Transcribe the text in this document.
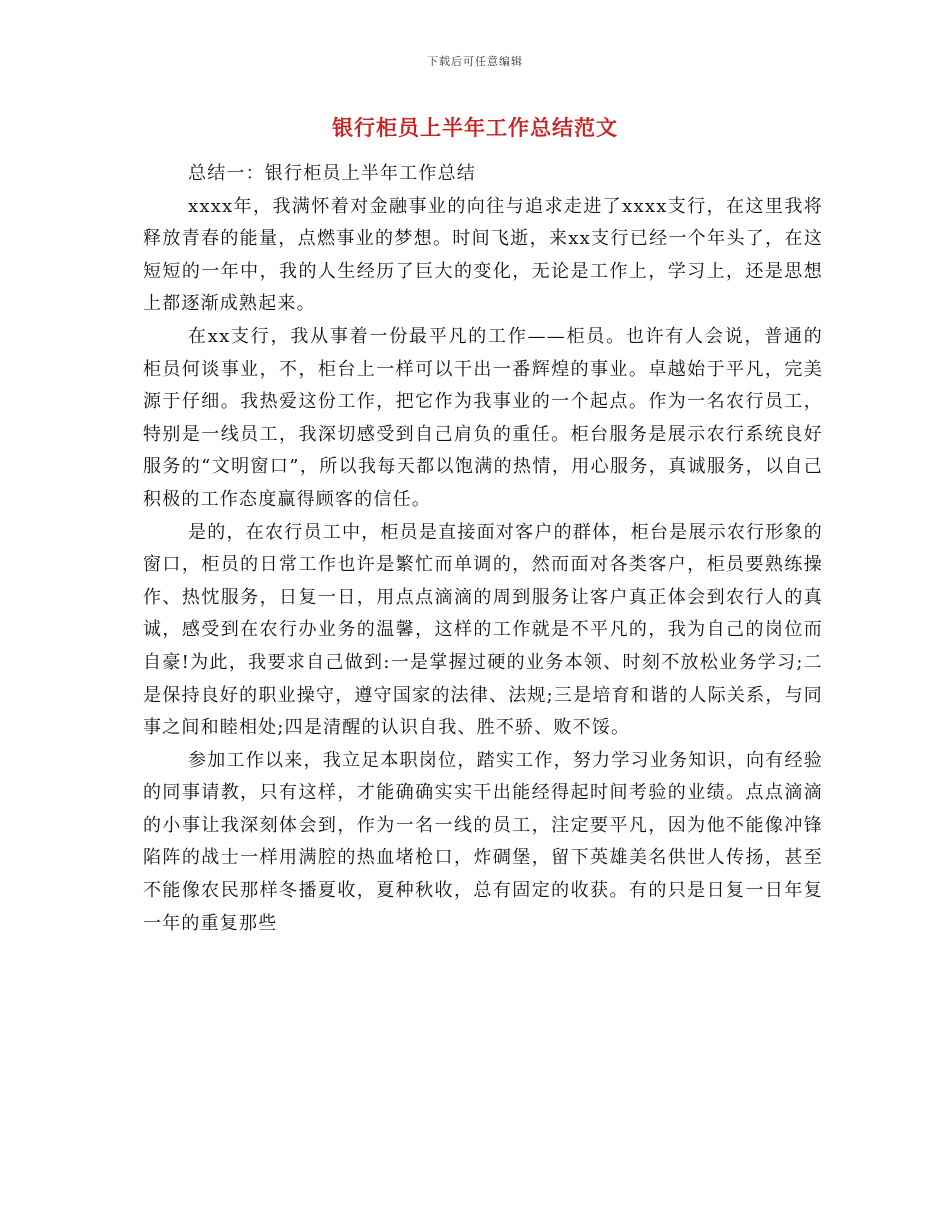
下载后可任意编辑
银行柜员上半年工作总结范文

总结一：银行柜员上半年工作总结

xxxx年，我满怀着对金融事业的向往与追求走进了xxxx支行，在这里我将释放青春的能量，点燃事业的梦想。时间飞逝，来xx支行已经一个年头了，在这短短的一年中，我的人生经历了巨大的变化，无论是工作上，学习上，还是思想上都逐渐成熟起来。

在xx支行，我从事着一份最平凡的工作——柜员。也许有人会说，普通的柜员何谈事业，不，柜台上一样可以干出一番辉煌的事业。卓越始于平凡，完美源于仔细。我热爱这份工作，把它作为我事业的一个起点。作为一名农行员工，特别是一线员工，我深切感受到自己肩负的重任。柜台服务是展示农行系统良好服务的“文明窗口”，所以我每天都以饱满的热情，用心服务，真诚服务，以自己积极的工作态度赢得顾客的信任。

是的，在农行员工中，柜员是直接面对客户的群体，柜台是展示农行形象的窗口，柜员的日常工作也许是繁忙而单调的，然而面对各类客户，柜员要熟练操作、热忱服务，日复一日，用点点滴滴的周到服务让客户真正体会到农行人的真诚，感受到在农行办业务的温馨，这样的工作就是不平凡的，我为自己的岗位而自豪!为此，我要求自己做到:一是掌握过硬的业务本领、时刻不放松业务学习;二是保持良好的职业操守，遵守国家的法律、法规;三是培育和谐的人际关系，与同事之间和睦相处;四是清醒的认识自我、胜不骄、败不馁。

参加工作以来，我立足本职岗位，踏实工作，努力学习业务知识，向有经验的同事请教，只有这样，才能确确实实干出能经得起时间考验的业绩。点点滴滴的小事让我深刻体会到，作为一名一线的员工，注定要平凡，因为他不能像冲锋陷阵的战士一样用满腔的热血堵枪口，炸碉堡，留下英雄美名供世人传扬，甚至不能像农民那样冬播夏收，夏种秋收，总有固定的收获。有的只是日复一日年复一年的重复那些
